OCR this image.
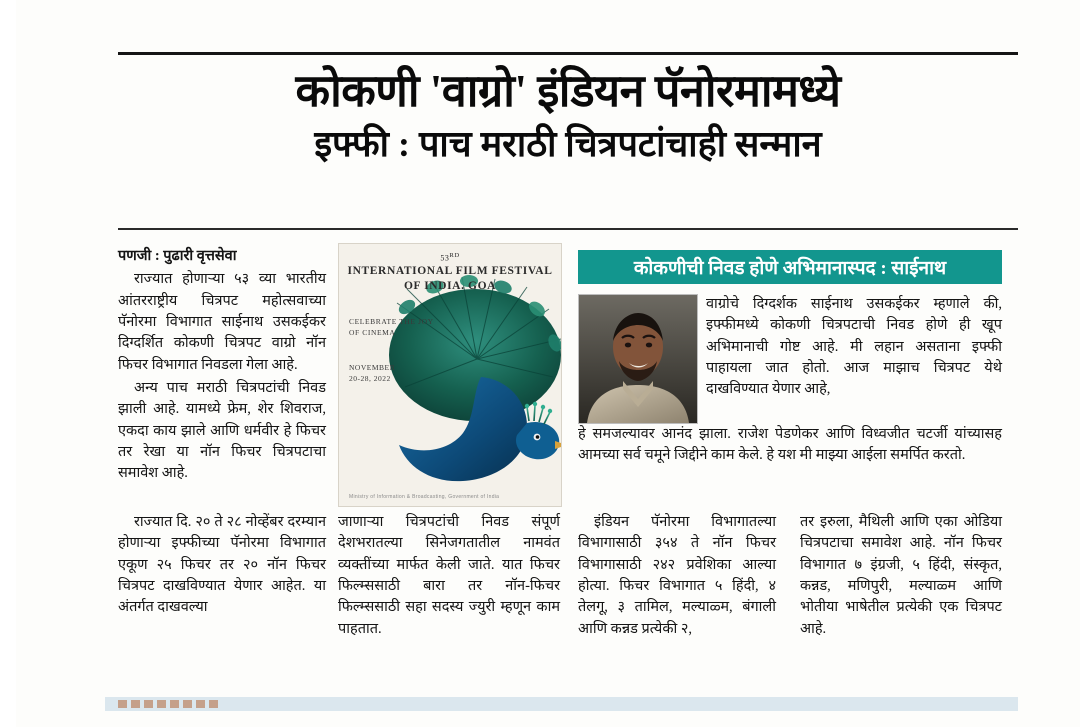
कोकणी 'वाग्रो' इंडियन पॅनोरमामध्ये
इफ्फी : पाच मराठी चित्रपटांचाही सन्मान

पणजी : पुढारी वृत्तसेवा

राज्यात होणाऱ्या ५३ व्या भारतीय आंतरराष्ट्रीय चित्रपट महोत्सवाच्या पॅनोरमा विभागात साईनाथ उसकईकर दिग्दर्शित कोकणी चित्रपट वाग्रो नॉन फिचर विभागात निवडला गेला आहे.

अन्य पाच मराठी चित्रपटांची निवड झाली आहे. यामध्ये फ्रेम, शेर शिवराज, एकदा काय झाले आणि धर्मवीर हे फिचर तर रेखा या नॉन फिचर चित्रपटाचा समावेश आहे.

राज्यात दि. २० ते २८ नोव्हेंबर दरम्यान होणाऱ्या इफ्फीच्या पॅनोरमा विभागात एकूण २५ फिचर तर २० नॉन फिचर चित्रपट दाखविण्यात येणार आहेत. या अंतर्गत दाखवल्या

53RD
INTERNATIONAL FILM FESTIVAL
OF INDIA. GOA
CELEBRATE THE JOY OF CINEMA
NOVEMBER
20-28, 2022
Ministry of Information & Broadcasting, Government of India

जाणाऱ्या चित्रपटांची निवड संपूर्ण देशभरातल्या सिनेजगतातील नामवंत व्यक्तींच्या मार्फत केली जाते. यात फिचर फिल्म्ससाठी बारा तर नॉन-फिचर फिल्म्ससाठी सहा सदस्य ज्युरी म्हणून काम पाहतात.

कोकणीची निवड होणे अभिमानास्पद : साईनाथ
वाग्रोचे दिग्दर्शक साईनाथ उसकईकर म्हणाले की, इफ्फीमध्ये कोकणी चित्रपटाची निवड होणे ही खूप अभिमानाची गोष्ट आहे. मी लहान असताना इफ्फी पाहायला जात होतो. आज माझाच चित्रपट येथे दाखविण्यात येणार आहे,
हे समजल्यावर आनंद झाला. राजेश पेडणेकर आणि विध्वजीत चटर्जी यांच्यासह आमच्या सर्व चमूने जिद्दीने काम केले. हे यश मी माझ्या आईला समर्पित करतो.

इंडियन पॅनोरमा विभागातल्या विभागासाठी ३५४ ते नॉन फिचर विभागासाठी २४२ प्रवेशिका आल्या होत्या. फिचर विभागात ५ हिंदी, ४ तेलगू, ३ तामिल, मल्याळ्म, बंगाली आणि कन्नड प्रत्येकी २,

तर इरुला, मैथिली आणि एका ओडिया चित्रपटाचा समावेश आहे. नॉन फिचर विभागात ७ इंग्रजी, ५ हिंदी, संस्कृत, कन्नड, मणिपुरी, मल्याळ्म आणि भोतीया भाषेतील प्रत्येकी एक चित्रपट आहे.
